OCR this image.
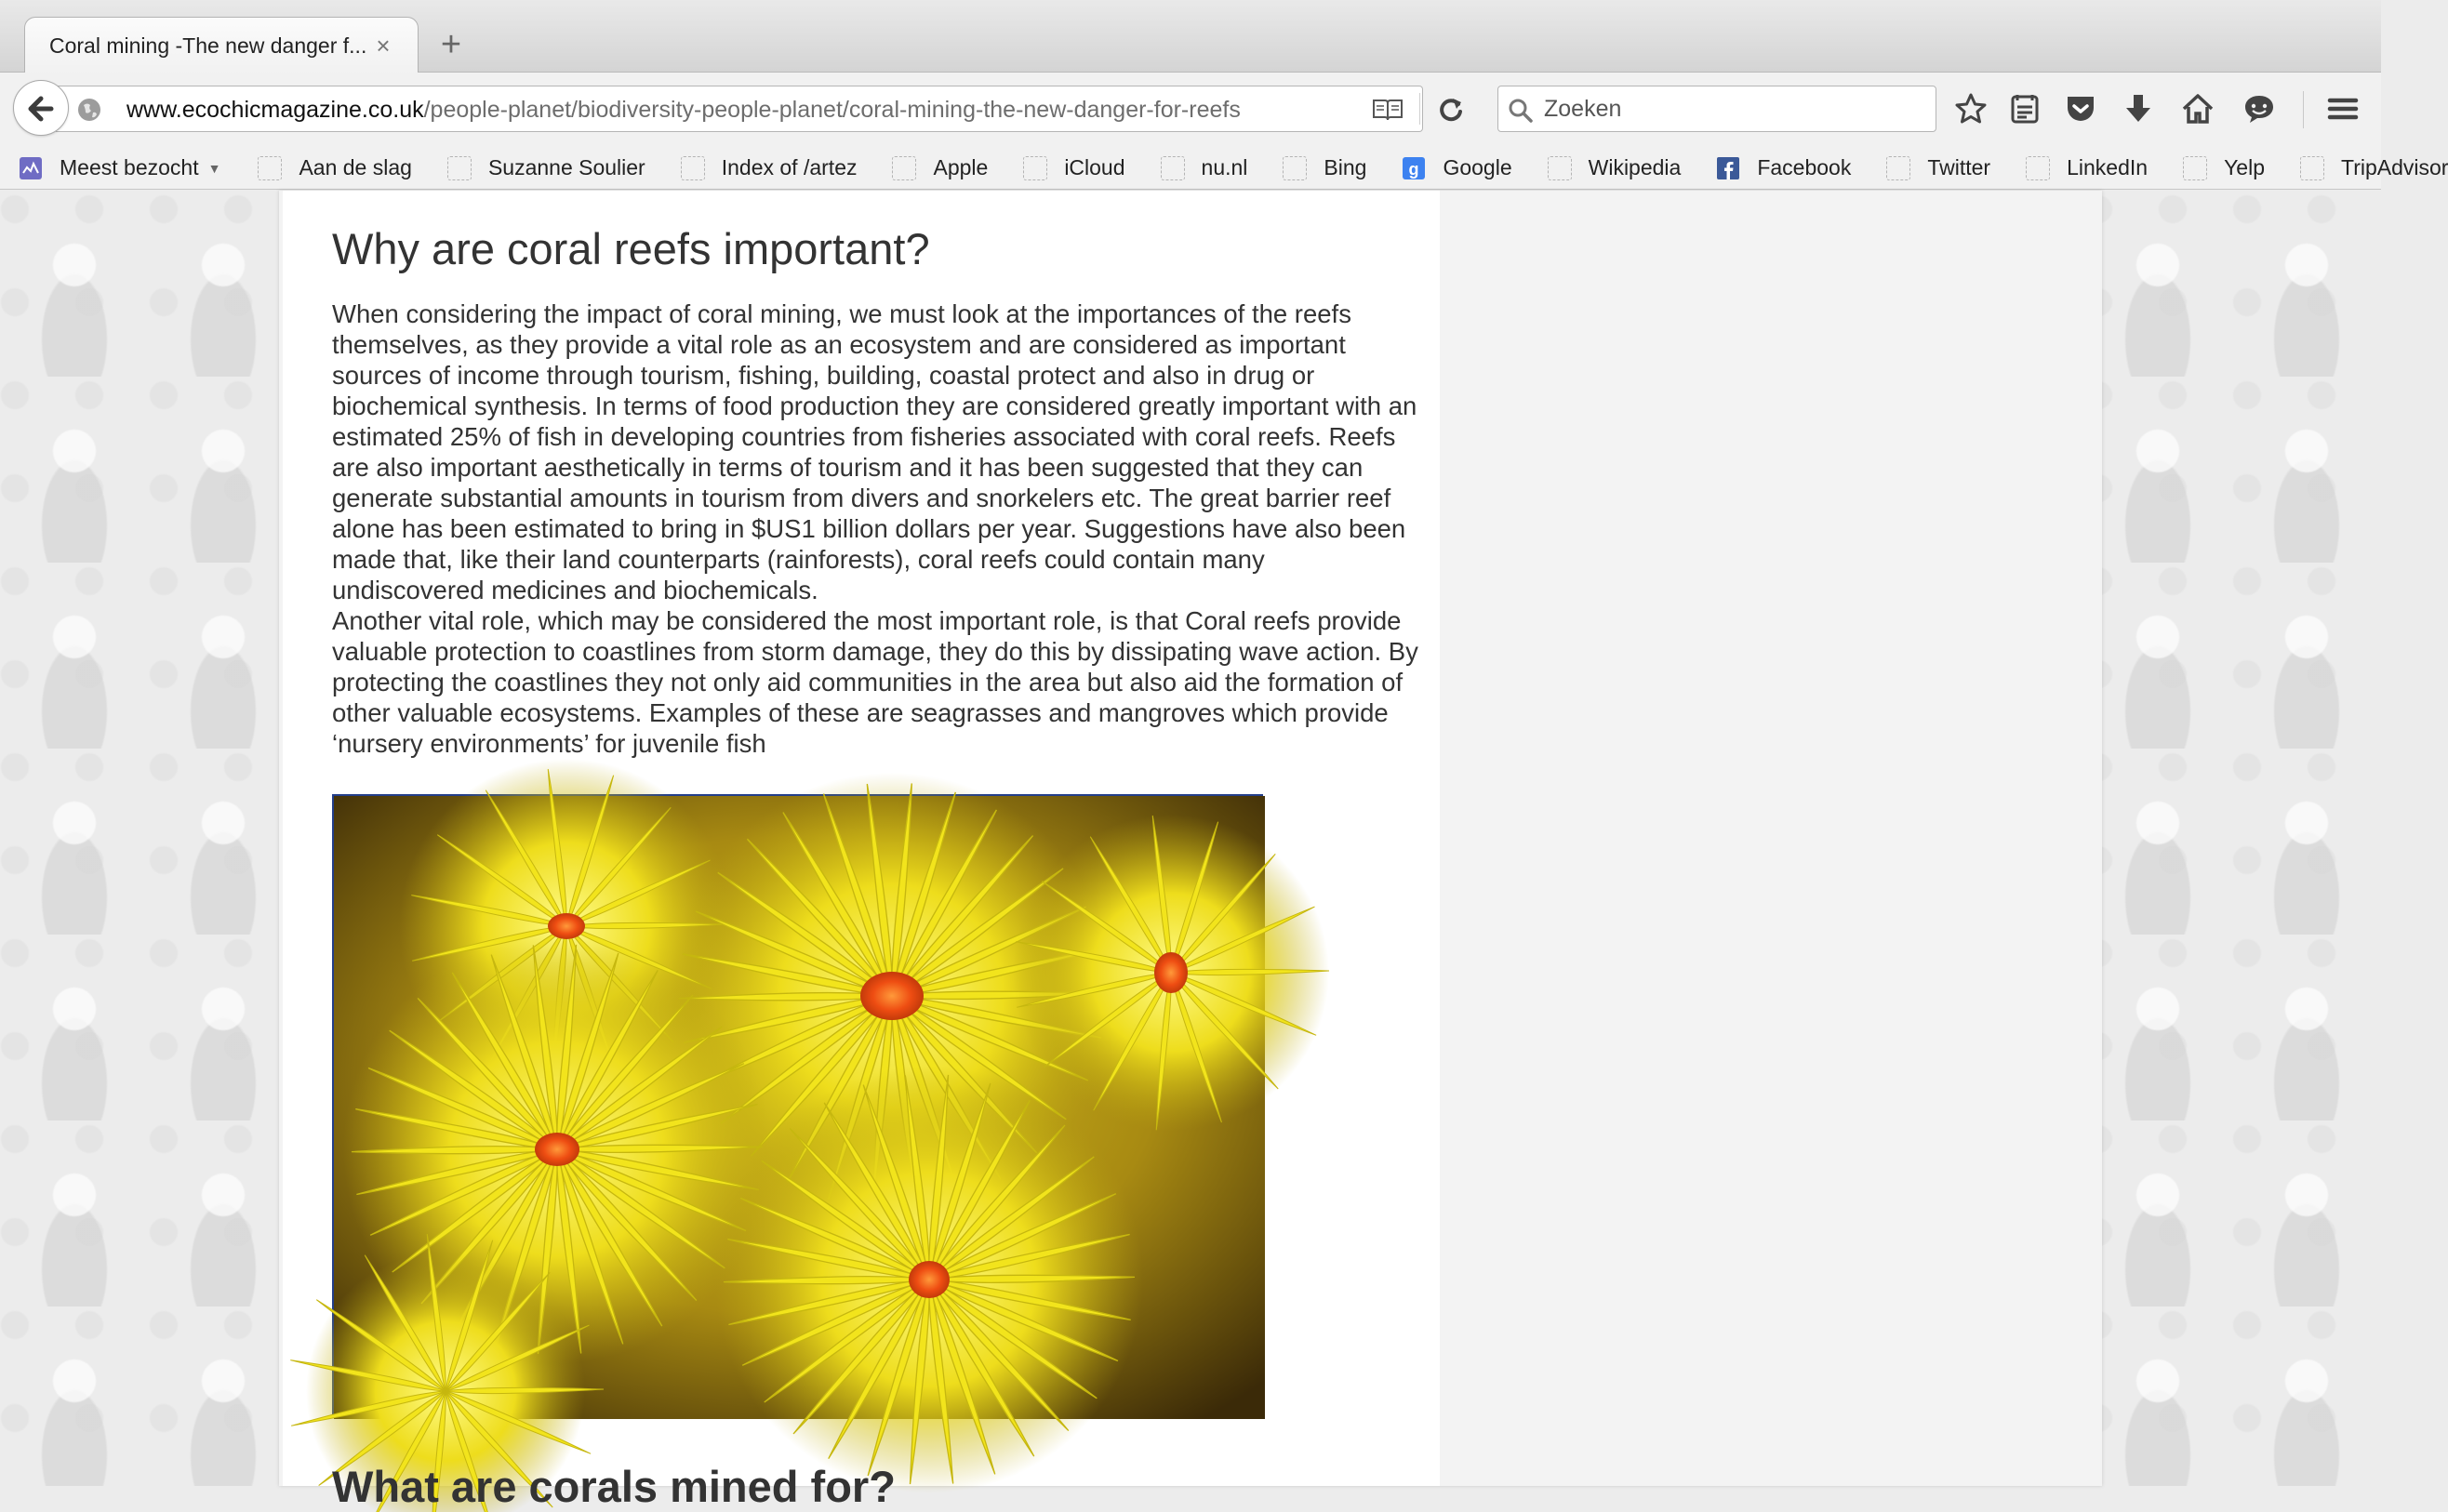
Coral mining -The new danger f... × +
www.ecochicmagazine.co.uk/people-planet/biodiversity-people-planet/coral-mining-the-new-danger-for-reefs
Zoeken
Meest bezocht ▼	Aan de slag	Suzanne Soulier	Index of /artez	Apple	iCloud	nu.nl	Bing	g Google	Wikipedia	Facebook	Twitter	LinkedIn	Yelp	TripAdvisor
Why are coral reefs important?

When considering the impact of coral mining, we must look at the importances of the reefs themselves, as they provide a vital role as an ecosystem and are considered as important sources of income through tourism, fishing, building, coastal protect and also in drug or biochemical synthesis. In terms of food production they are considered greatly important with an estimated 25% of fish in developing countries from fisheries associated with coral reefs. Reefs are also important aesthetically in terms of tourism and it has been suggested that they can generate substantial amounts in tourism from divers and snorkelers etc. The great barrier reef alone has been estimated to bring in $US1 billion dollars per year. Suggestions have also been made that, like their land counterparts (rainforests), coral reefs could contain many undiscovered medicines and biochemicals.

Another vital role, which may be considered the most important role, is that Coral reefs provide valuable protection to coastlines from storm damage, they do this by dissipating wave action. By protecting the coastlines they not only aid communities in the area but also aid the formation of other valuable ecosystems. Examples of these are seagrasses and mangroves which provide ‘nursery environments’ for juvenile fish

What are corals mined for?
